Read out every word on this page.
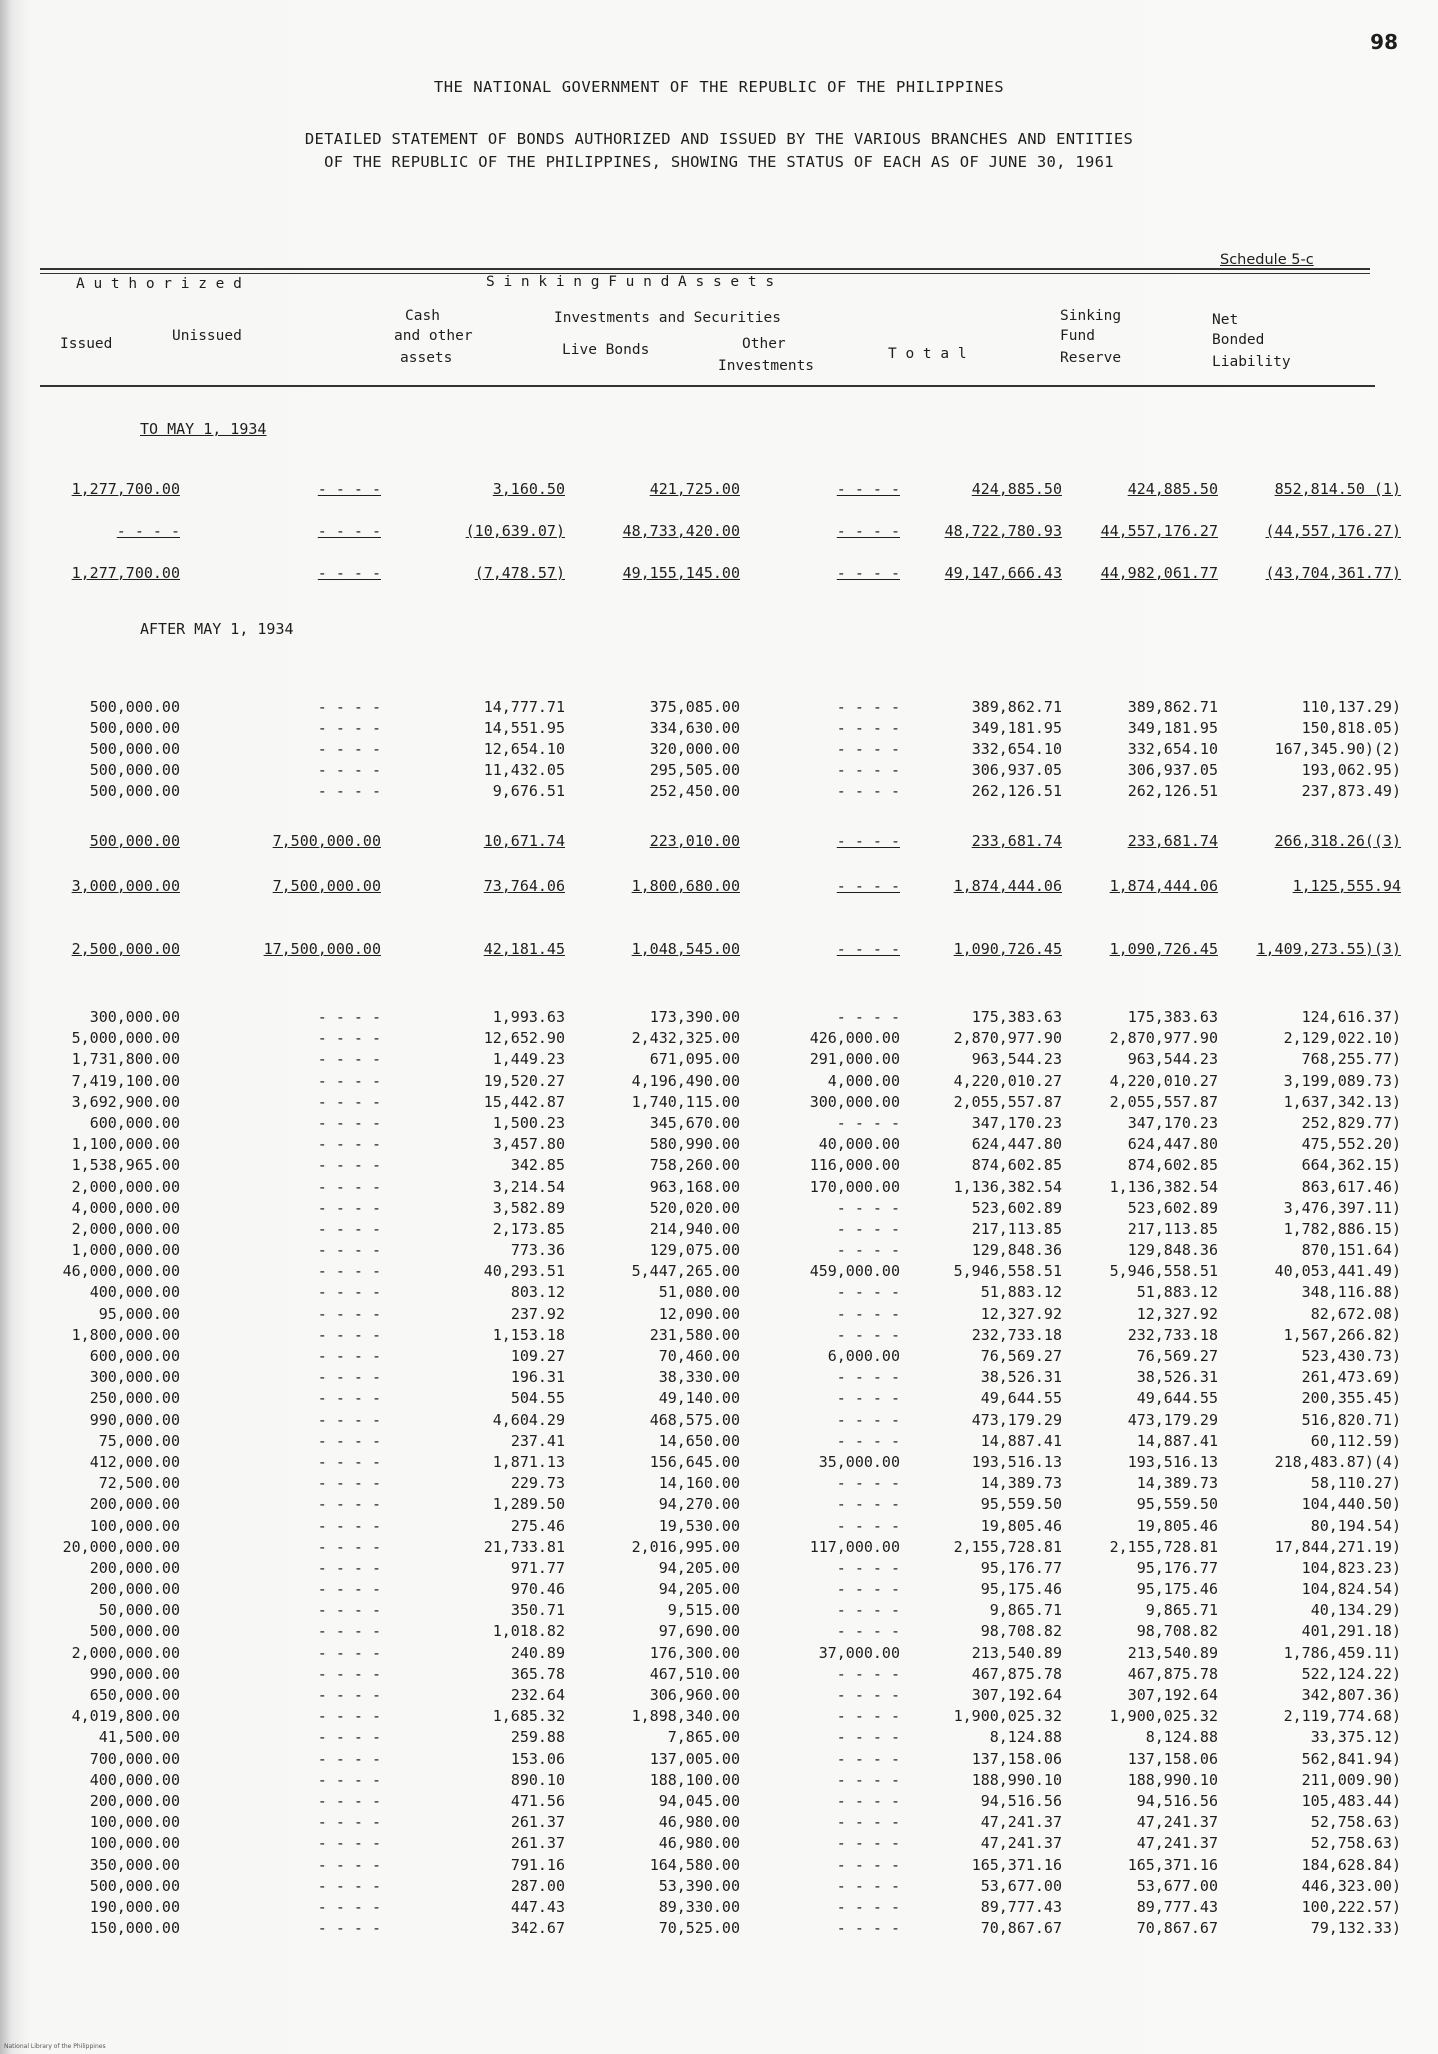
98
THE NATIONAL GOVERNMENT OF THE REPUBLIC OF THE PHILIPPINES
DETAILED STATEMENT OF BONDS AUTHORIZED AND ISSUED BY THE VARIOUS BRANCHES AND ENTITIES
OF THE REPUBLIC OF THE PHILIPPINES, SHOWING THE STATUS OF EACH AS OF JUNE 30, 1961
Schedule 5-c
A u t h o r i z e d
Issued	Unissued
S i n k i n g F u n d A s s e t s
Cash
and other
assets
Investments and Securities
Live Bonds	Other
Investments
T o t a l
Sinking
Fund
Reserve
Net
Bonded
Liability
TO MAY 1, 1934
AFTER MAY 1, 1934
1,277,700.00	- - - -	3,160.50	421,725.00	- - - -	424,885.50	424,885.50	852,814.50 (1)
- - - -	- - - -	(10,639.07)	48,733,420.00	- - - -	48,722,780.93	44,557,176.27	(44,557,176.27)
1,277,700.00	- - - -	(7,478.57)	49,155,145.00	- - - -	49,147,666.43	44,982,061.77	(43,704,361.77)
500,000.00	- - - -	14,777.71	375,085.00	- - - -	389,862.71	389,862.71	110,137.29)
500,000.00	- - - -	14,551.95	334,630.00	- - - -	349,181.95	349,181.95	150,818.05)
500,000.00	- - - -	12,654.10	320,000.00	- - - -	332,654.10	332,654.10	167,345.90)(2)
500,000.00	- - - -	11,432.05	295,505.00	- - - -	306,937.05	306,937.05	193,062.95)
500,000.00	- - - -	9,676.51	252,450.00	- - - -	262,126.51	262,126.51	237,873.49)
500,000.00	7,500,000.00	10,671.74	223,010.00	- - - -	233,681.74	233,681.74	266,318.26((3)
3,000,000.00	7,500,000.00	73,764.06	1,800,680.00	- - - -	1,874,444.06	1,874,444.06	1,125,555.94
2,500,000.00	17,500,000.00	42,181.45	1,048,545.00	- - - -	1,090,726.45	1,090,726.45	1,409,273.55)(3)
300,000.00	- - - -	1,993.63	173,390.00	- - - -	175,383.63	175,383.63	124,616.37)
5,000,000.00	- - - -	12,652.90	2,432,325.00	426,000.00	2,870,977.90	2,870,977.90	2,129,022.10)
1,731,800.00	- - - -	1,449.23	671,095.00	291,000.00	963,544.23	963,544.23	768,255.77)
7,419,100.00	- - - -	19,520.27	4,196,490.00	4,000.00	4,220,010.27	4,220,010.27	3,199,089.73)
3,692,900.00	- - - -	15,442.87	1,740,115.00	300,000.00	2,055,557.87	2,055,557.87	1,637,342.13)
600,000.00	- - - -	1,500.23	345,670.00	- - - -	347,170.23	347,170.23	252,829.77)
1,100,000.00	- - - -	3,457.80	580,990.00	40,000.00	624,447.80	624,447.80	475,552.20)
1,538,965.00	- - - -	342.85	758,260.00	116,000.00	874,602.85	874,602.85	664,362.15)
2,000,000.00	- - - -	3,214.54	963,168.00	170,000.00	1,136,382.54	1,136,382.54	863,617.46)
4,000,000.00	- - - -	3,582.89	520,020.00	- - - -	523,602.89	523,602.89	3,476,397.11)
2,000,000.00	- - - -	2,173.85	214,940.00	- - - -	217,113.85	217,113.85	1,782,886.15)
1,000,000.00	- - - -	773.36	129,075.00	- - - -	129,848.36	129,848.36	870,151.64)
46,000,000.00	- - - -	40,293.51	5,447,265.00	459,000.00	5,946,558.51	5,946,558.51	40,053,441.49)
400,000.00	- - - -	803.12	51,080.00	- - - -	51,883.12	51,883.12	348,116.88)
95,000.00	- - - -	237.92	12,090.00	- - - -	12,327.92	12,327.92	82,672.08)
1,800,000.00	- - - -	1,153.18	231,580.00	- - - -	232,733.18	232,733.18	1,567,266.82)
600,000.00	- - - -	109.27	70,460.00	6,000.00	76,569.27	76,569.27	523,430.73)
300,000.00	- - - -	196.31	38,330.00	- - - -	38,526.31	38,526.31	261,473.69)
250,000.00	- - - -	504.55	49,140.00	- - - -	49,644.55	49,644.55	200,355.45)
990,000.00	- - - -	4,604.29	468,575.00	- - - -	473,179.29	473,179.29	516,820.71)
75,000.00	- - - -	237.41	14,650.00	- - - -	14,887.41	14,887.41	60,112.59)
412,000.00	- - - -	1,871.13	156,645.00	35,000.00	193,516.13	193,516.13	218,483.87)(4)
72,500.00	- - - -	229.73	14,160.00	- - - -	14,389.73	14,389.73	58,110.27)
200,000.00	- - - -	1,289.50	94,270.00	- - - -	95,559.50	95,559.50	104,440.50)
100,000.00	- - - -	275.46	19,530.00	- - - -	19,805.46	19,805.46	80,194.54)
20,000,000.00	- - - -	21,733.81	2,016,995.00	117,000.00	2,155,728.81	2,155,728.81	17,844,271.19)
200,000.00	- - - -	971.77	94,205.00	- - - -	95,176.77	95,176.77	104,823.23)
200,000.00	- - - -	970.46	94,205.00	- - - -	95,175.46	95,175.46	104,824.54)
50,000.00	- - - -	350.71	9,515.00	- - - -	9,865.71	9,865.71	40,134.29)
500,000.00	- - - -	1,018.82	97,690.00	- - - -	98,708.82	98,708.82	401,291.18)
2,000,000.00	- - - -	240.89	176,300.00	37,000.00	213,540.89	213,540.89	1,786,459.11)
990,000.00	- - - -	365.78	467,510.00	- - - -	467,875.78	467,875.78	522,124.22)
650,000.00	- - - -	232.64	306,960.00	- - - -	307,192.64	307,192.64	342,807.36)
4,019,800.00	- - - -	1,685.32	1,898,340.00	- - - -	1,900,025.32	1,900,025.32	2,119,774.68)
41,500.00	- - - -	259.88	7,865.00	- - - -	8,124.88	8,124.88	33,375.12)
700,000.00	- - - -	153.06	137,005.00	- - - -	137,158.06	137,158.06	562,841.94)
400,000.00	- - - -	890.10	188,100.00	- - - -	188,990.10	188,990.10	211,009.90)
200,000.00	- - - -	471.56	94,045.00	- - - -	94,516.56	94,516.56	105,483.44)
100,000.00	- - - -	261.37	46,980.00	- - - -	47,241.37	47,241.37	52,758.63)
100,000.00	- - - -	261.37	46,980.00	- - - -	47,241.37	47,241.37	52,758.63)
350,000.00	- - - -	791.16	164,580.00	- - - -	165,371.16	165,371.16	184,628.84)
500,000.00	- - - -	287.00	53,390.00	- - - -	53,677.00	53,677.00	446,323.00)
190,000.00	- - - -	447.43	89,330.00	- - - -	89,777.43	89,777.43	100,222.57)
150,000.00	- - - -	342.67	70,525.00	- - - -	70,867.67	70,867.67	79,132.33)
National Library of the Philippines
